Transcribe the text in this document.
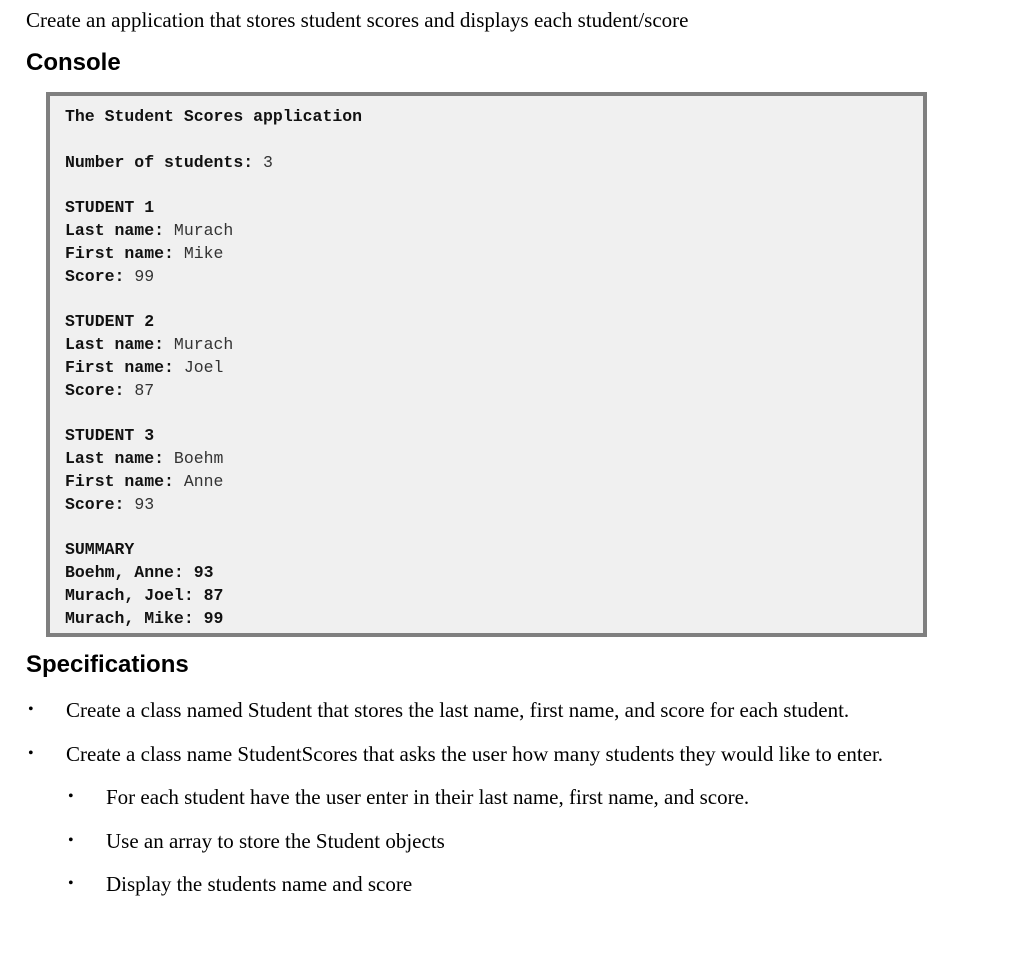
Create an application that stores student scores and displays each student/score
Console
The Student Scores application
Number of students: 3
STUDENT 1
Last name: Murach
First name: Mike
Score: 99
STUDENT 2
Last name: Murach
First name: Joel
Score: 87
STUDENT 3
Last name: Boehm
First name: Anne
Score: 93
SUMMARY
Boehm, Anne: 93
Murach, Joel: 87
Murach, Mike: 99
Specifications
• Create a class named Student that stores the last name, first name, and score for each student.
• Create a class name StudentScores that asks the user how many students they would like to enter.
• For each student have the user enter in their last name, first name, and score.
• Use an array to store the Student objects
• Display the students name and score
